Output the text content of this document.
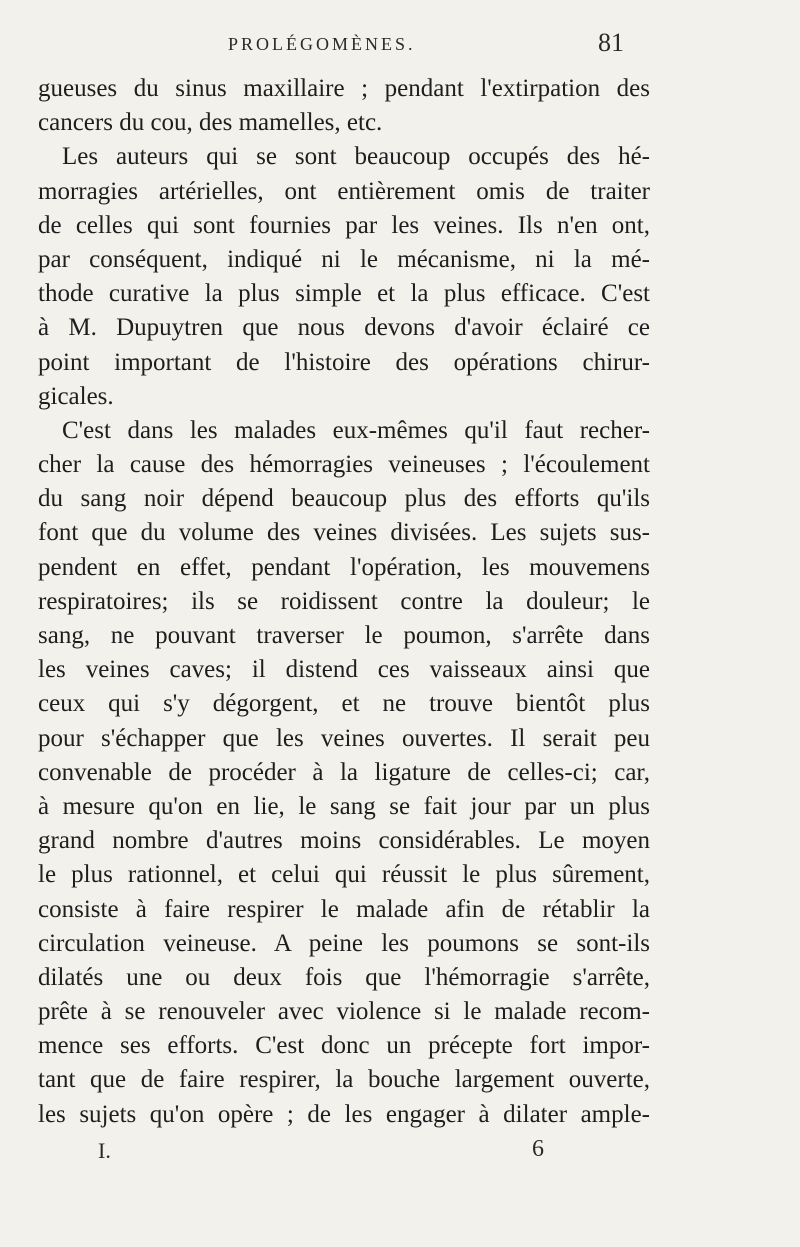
PROLÉGOMÈNES.	81
gueuses du sinus maxillaire ; pendant l'extirpation des
cancers du cou, des mamelles, etc.
Les auteurs qui se sont beaucoup occupés des hé-
morragies artérielles, ont entièrement omis de traiter
de celles qui sont fournies par les veines. Ils n'en ont,
par conséquent, indiqué ni le mécanisme, ni la mé-
thode curative la plus simple et la plus efficace. C'est
à M. Dupuytren que nous devons d'avoir éclairé ce
point important de l'histoire des opérations chirur-
gicales.
C'est dans les malades eux-mêmes qu'il faut recher-
cher la cause des hémorragies veineuses ; l'écoulement
du sang noir dépend beaucoup plus des efforts qu'ils
font que du volume des veines divisées. Les sujets sus-
pendent en effet, pendant l'opération, les mouvemens
respiratoires; ils se roidissent contre la douleur; le
sang, ne pouvant traverser le poumon, s'arrête dans
les veines caves; il distend ces vaisseaux ainsi que
ceux qui s'y dégorgent, et ne trouve bientôt plus
pour s'échapper que les veines ouvertes. Il serait peu
convenable de procéder à la ligature de celles-ci; car,
à mesure qu'on en lie, le sang se fait jour par un plus
grand nombre d'autres moins considérables. Le moyen
le plus rationnel, et celui qui réussit le plus sûrement,
consiste à faire respirer le malade afin de rétablir la
circulation veineuse. A peine les poumons se sont-ils
dilatés une ou deux fois que l'hémorragie s'arrête,
prête à se renouveler avec violence si le malade recom-
mence ses efforts. C'est donc un précepte fort impor-
tant que de faire respirer, la bouche largement ouverte,
les sujets qu'on opère ; de les engager à dilater ample-
I.	6
